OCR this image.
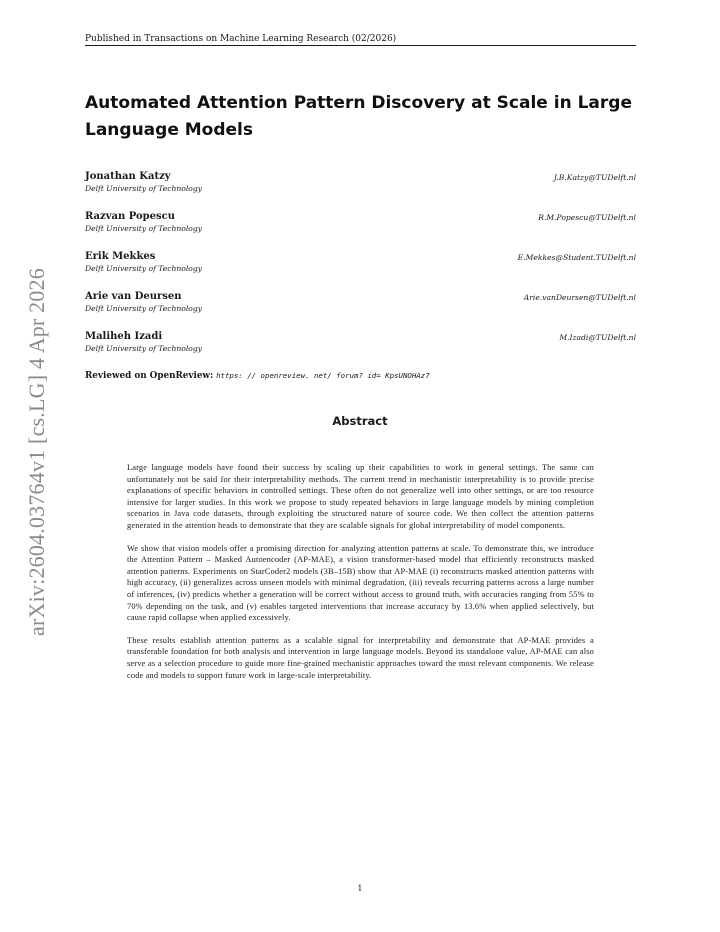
Published in Transactions on Machine Learning Research (02/2026)
arXiv:2604.03764v1 [cs.LG] 4 Apr 2026
Automated Attention Pattern Discovery at Scale in Large Language Models
Jonathan Katzy
Delft University of Technology
J.B.Katzy@TUDelft.nl
Razvan Popescu
Delft University of Technology
R.M.Popescu@TUDelft.nl
Erik Mekkes
Delft University of Technology
E.Mekkes@Student.TUDelft.nl
Arie van Deursen
Delft University of Technology
Arie.vanDeursen@TUDelft.nl
Maliheh Izadi
Delft University of Technology
M.Izadi@TUDelft.nl
Reviewed on OpenReview: https: // openreview. net/ forum? id= KpsUNOHAz7
Abstract

Large language models have found their success by scaling up their capabilities to work in general settings. The same can unfortunately not be said for their interpretability methods. The current trend in mechanistic interpretability is to provide precise explanations of specific behaviors in controlled settings. These often do not generalize well into other settings, or are too resource intensive for larger studies. In this work we propose to study repeated behaviors in large language models by mining completion scenarios in Java code datasets, through exploiting the structured nature of source code. We then collect the attention patterns generated in the attention heads to demonstrate that they are scalable signals for global interpretability of model components.

We show that vision models offer a promising direction for analyzing attention patterns at scale. To demonstrate this, we introduce the Attention Pattern – Masked Autoencoder (AP-MAE), a vision transformer-based model that efficiently reconstructs masked attention patterns. Experiments on StarCoder2 models (3B–15B) show that AP-MAE (i) reconstructs masked attention patterns with high accuracy, (ii) generalizes across unseen models with minimal degradation, (iii) reveals recurring patterns across a large number of inferences, (iv) predicts whether a generation will be correct without access to ground truth, with accuracies ranging from 55% to 70% depending on the task, and (v) enables targeted interventions that increase accuracy by 13.6% when applied selectively, but cause rapid collapse when applied excessively.

These results establish attention patterns as a scalable signal for interpretability and demonstrate that AP-MAE provides a transferable foundation for both analysis and intervention in large language models. Beyond its standalone value, AP-MAE can also serve as a selection procedure to guide more fine-grained mechanistic approaches toward the most relevant components. We release code and models to support future work in large-scale interpretability.

1
